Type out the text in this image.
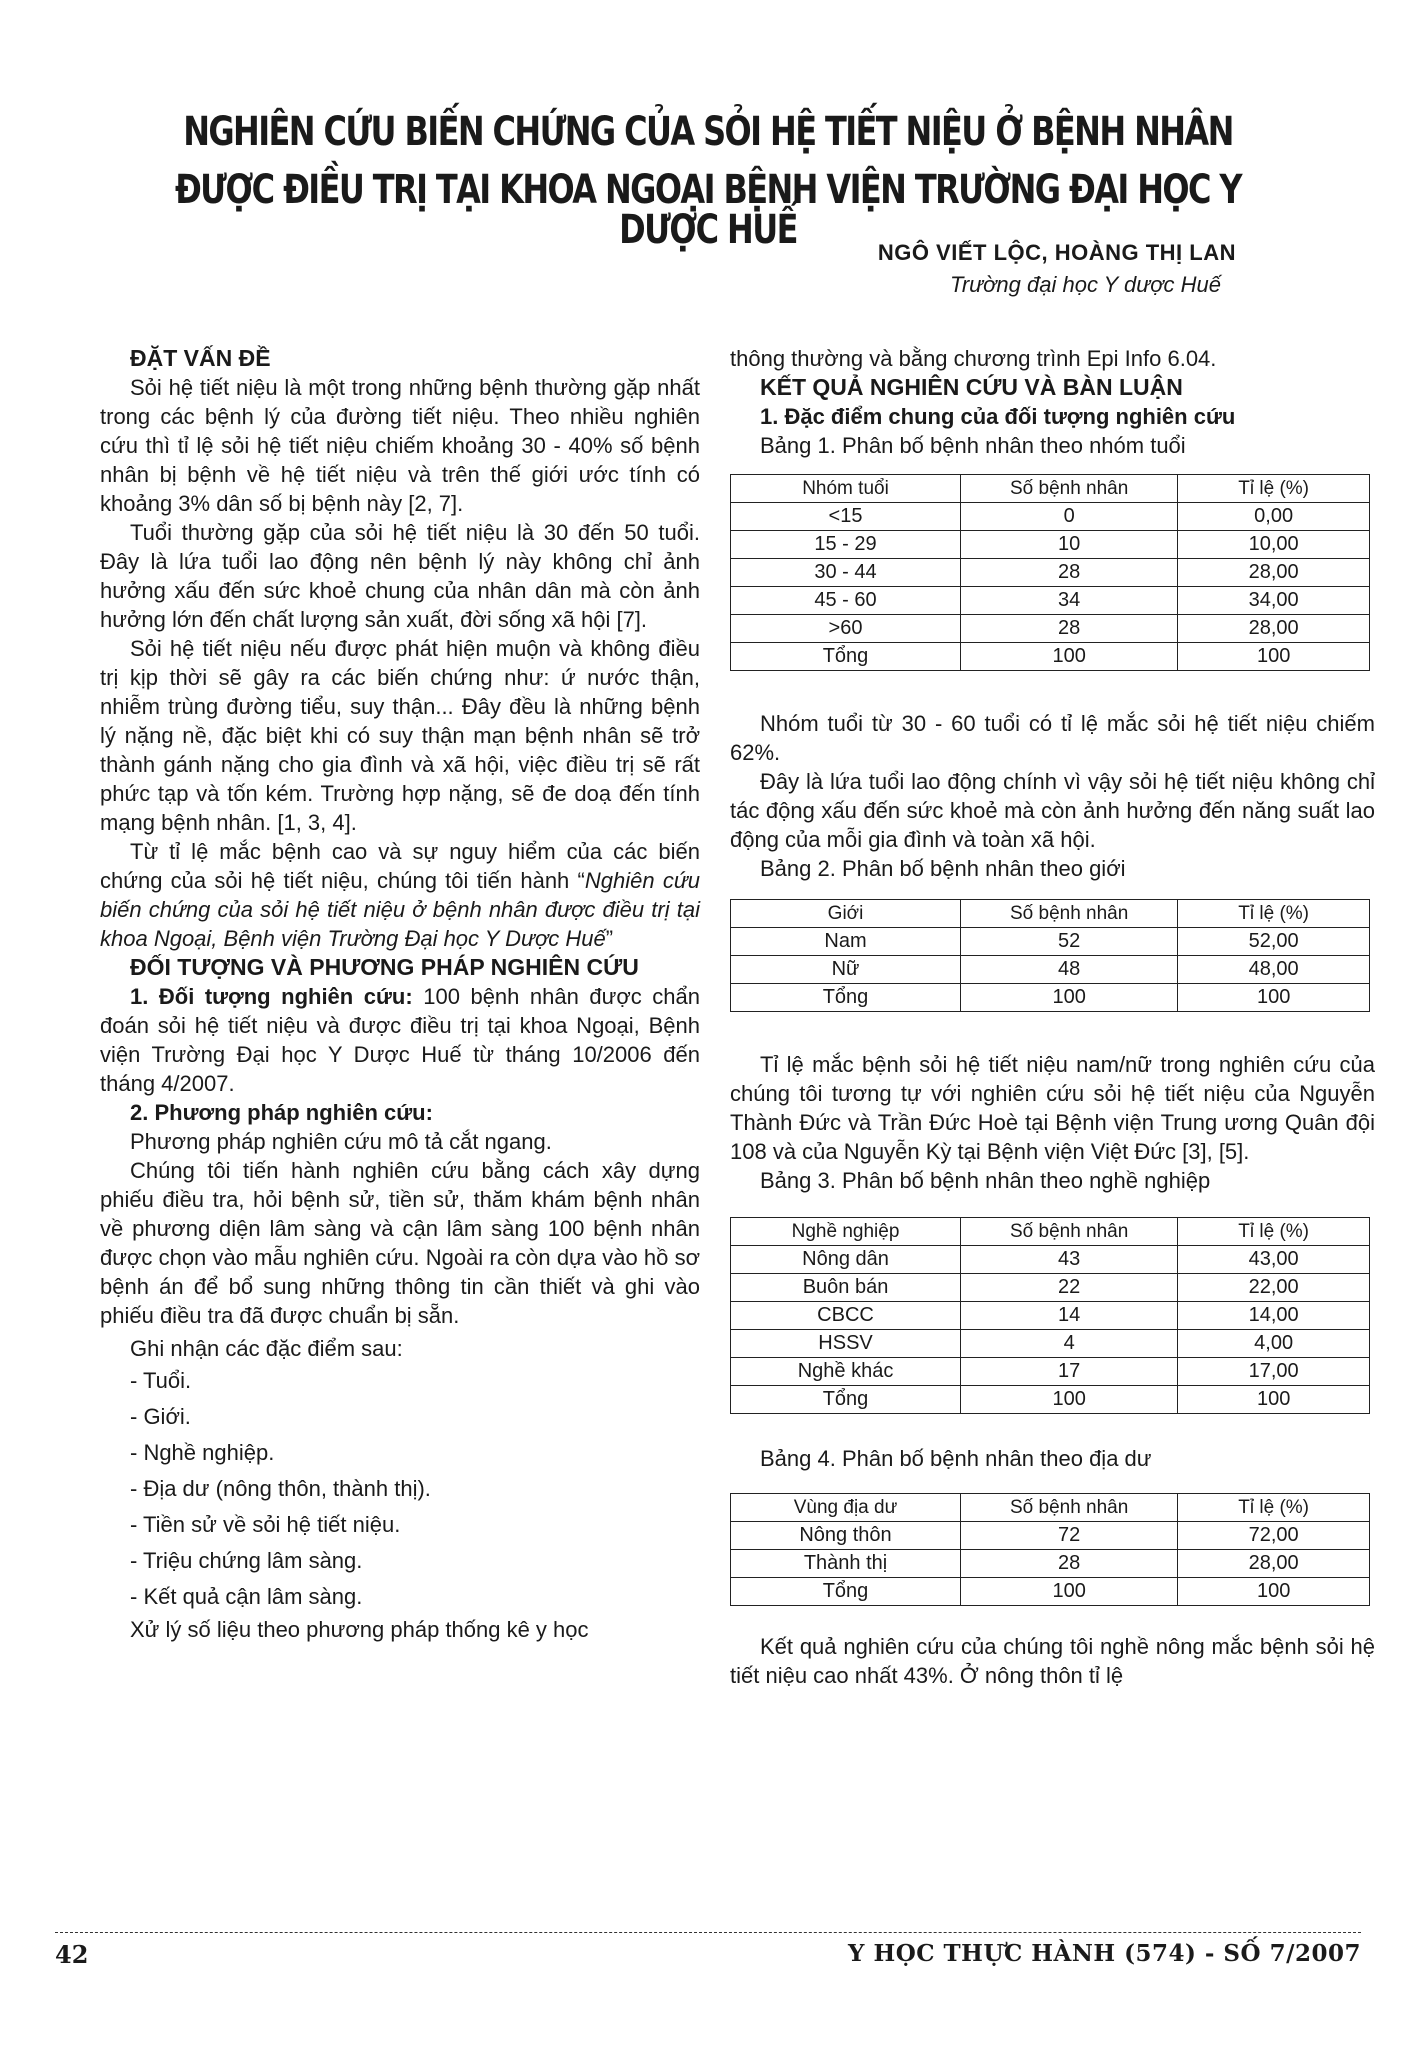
NGHIÊN CỨU BIẾN CHỨNG CỦA SỎI HỆ TIẾT NIỆU Ở BỆNH NHÂN
ĐƯỢC ĐIỀU TRỊ TẠI KHOA NGOẠI BỆNH VIỆN TRƯỜNG ĐẠI HỌC Y DƯỢC HUẾ	NGÔ VIẾT LỘC, HOÀNG THỊ LAN
Trường đại học Y dược Huế

ĐẶT VẤN ĐỀ

Sỏi hệ tiết niệu là một trong những bệnh thường gặp nhất trong các bệnh lý của đường tiết niệu. Theo nhiều nghiên cứu thì tỉ lệ sỏi hệ tiết niệu chiếm khoảng 30 - 40% số bệnh nhân bị bệnh về hệ tiết niệu và trên thế giới ước tính có khoảng 3% dân số bị bệnh này [2, 7].

Tuổi thường gặp của sỏi hệ tiết niệu là 30 đến 50 tuổi. Đây là lứa tuổi lao động nên bệnh lý này không chỉ ảnh hưởng xấu đến sức khoẻ chung của nhân dân mà còn ảnh hưởng lớn đến chất lượng sản xuất, đời sống xã hội [7].

Sỏi hệ tiết niệu nếu được phát hiện muộn và không điều trị kịp thời sẽ gây ra các biến chứng như: ứ nước thận, nhiễm trùng đường tiểu, suy thận... Đây đều là những bệnh lý nặng nề, đặc biệt khi có suy thận mạn bệnh nhân sẽ trở thành gánh nặng cho gia đình và xã hội, việc điều trị sẽ rất phức tạp và tốn kém. Trường hợp nặng, sẽ đe doạ đến tính mạng bệnh nhân. [1, 3, 4].

Từ tỉ lệ mắc bệnh cao và sự nguy hiểm của các biến chứng của sỏi hệ tiết niệu, chúng tôi tiến hành “Nghiên cứu biến chứng của sỏi hệ tiết niệu ở bệnh nhân được điều trị tại khoa Ngoại, Bệnh viện Trường Đại học Y Dược Huế”

ĐỐI TƯỢNG VÀ PHƯƠNG PHÁP NGHIÊN CỨU

1. Đối tượng nghiên cứu: 100 bệnh nhân được chẩn đoán sỏi hệ tiết niệu và được điều trị tại khoa Ngoại, Bệnh viện Trường Đại học Y Dược Huế từ tháng 10/2006 đến tháng 4/2007.

2. Phương pháp nghiên cứu:

Phương pháp nghiên cứu mô tả cắt ngang.

Chúng tôi tiến hành nghiên cứu bằng cách xây dựng phiếu điều tra, hỏi bệnh sử, tiền sử, thăm khám bệnh nhân về phương diện lâm sàng và cận lâm sàng 100 bệnh nhân được chọn vào mẫu nghiên cứu. Ngoài ra còn dựa vào hồ sơ bệnh án để bổ sung những thông tin cần thiết và ghi vào phiếu điều tra đã được chuẩn bị sẵn.

Ghi nhận các đặc điểm sau:

- Tuổi.

- Giới.

- Nghề nghiệp.

- Địa dư (nông thôn, thành thị).

- Tiền sử về sỏi hệ tiết niệu.

- Triệu chứng lâm sàng.

- Kết quả cận lâm sàng.

Xử lý số liệu theo phương pháp thống kê y học

thông thường và bằng chương trình Epi Info 6.04.

KẾT QUẢ NGHIÊN CỨU VÀ BÀN LUẬN

1. Đặc điểm chung của đối tượng nghiên cứu

Bảng 1. Phân bố bệnh nhân theo nhóm tuổi

Nhóm tuổi	Số bệnh nhân	Tỉ lệ (%)
<15	0	0,00
15 - 29	10	10,00
30 - 44	28	28,00
45 - 60	34	34,00
>60	28	28,00
Tổng	100	100

Nhóm tuổi từ 30 - 60 tuổi có tỉ lệ mắc sỏi hệ tiết niệu chiếm 62%.

Đây là lứa tuổi lao động chính vì vậy sỏi hệ tiết niệu không chỉ tác động xấu đến sức khoẻ mà còn ảnh hưởng đến năng suất lao động của mỗi gia đình và toàn xã hội.

Bảng 2. Phân bố bệnh nhân theo giới

Giới	Số bệnh nhân	Tỉ lệ (%)
Nam	52	52,00
Nữ	48	48,00
Tổng	100	100

Tỉ lệ mắc bệnh sỏi hệ tiết niệu nam/nữ trong nghiên cứu của chúng tôi tương tự với nghiên cứu sỏi hệ tiết niệu của Nguyễn Thành Đức và Trần Đức Hoè tại Bệnh viện Trung ương Quân đội 108 và của Nguyễn Kỳ tại Bệnh viện Việt Đức [3], [5].

Bảng 3. Phân bố bệnh nhân theo nghề nghiệp

Nghề nghiệp	Số bệnh nhân	Tỉ lệ (%)
Nông dân	43	43,00
Buôn bán	22	22,00
CBCC	14	14,00
HSSV	4	4,00
Nghề khác	17	17,00
Tổng	100	100

Bảng 4. Phân bố bệnh nhân theo địa dư

Vùng địa dư	Số bệnh nhân	Tỉ lệ (%)
Nông thôn	72	72,00
Thành thị	28	28,00
Tổng	100	100

Kết quả nghiên cứu của chúng tôi nghề nông mắc bệnh sỏi hệ tiết niệu cao nhất 43%. Ở nông thôn tỉ lệ

42	Y HỌC THỰC HÀNH (574) - SỐ 7/2007
